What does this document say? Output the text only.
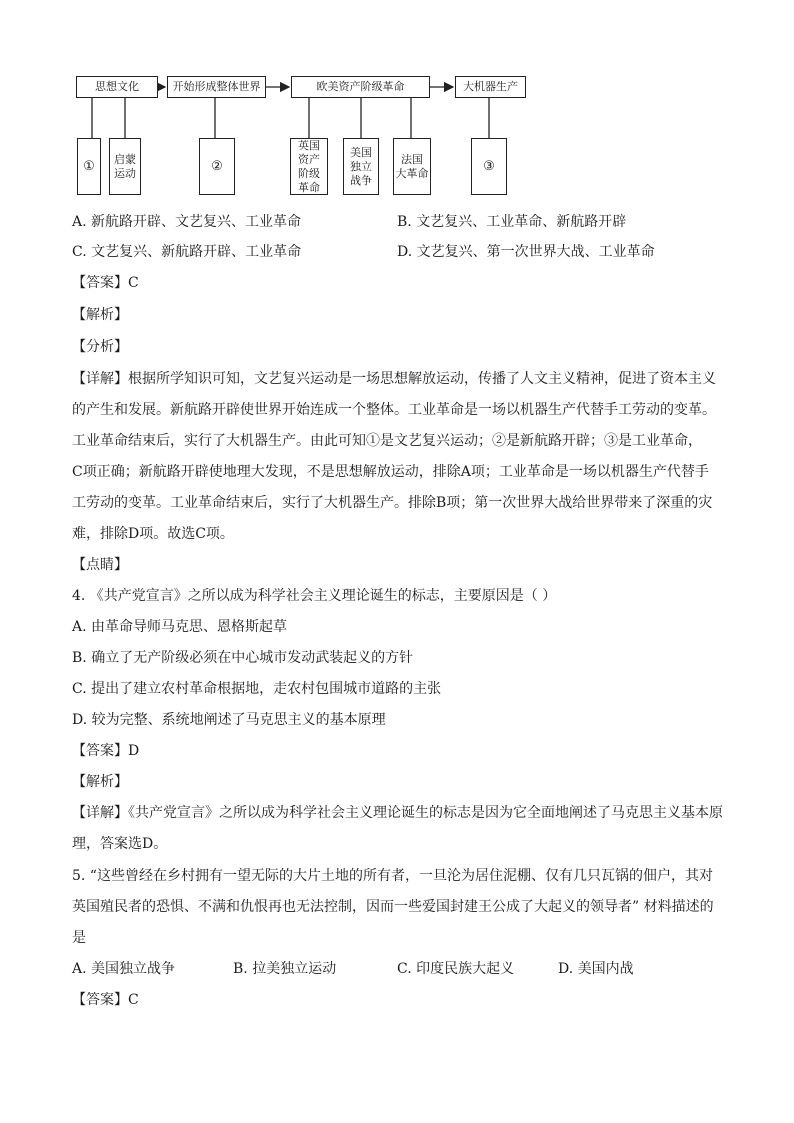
思想文化	开始形成整体世界	欧美资产阶级革命	大机器生产
① 启蒙
运动	②
英国
资产
阶级
革命
美国
独立
战争
法国
大革命	③
A. 新航路开辟、文艺复兴、工业革命	B. 文艺复兴、工业革命、新航路开辟
C. 文艺复兴、新航路开辟、工业革命	D. 文艺复兴、第一次世界大战、工业革命
【答案】C
【解析】
【分析】
【详解】根据所学知识可知，文艺复兴运动是一场思想解放运动，传播了人文主义精神，促进了资本主义
的产生和发展。新航路开辟使世界开始连成一个整体。工业革命是一场以机器生产代替手工劳动的变革。
工业革命结束后，实行了大机器生产。由此可知①是文艺复兴运动；②是新航路开辟；③是工业革命，
C项正确；新航路开辟使地理大发现，不是思想解放运动，排除A项；工业革命是一场以机器生产代替手
工劳动的变革。工业革命结束后，实行了大机器生产。排除B项；第一次世界大战给世界带来了深重的灾
难，排除D项。故选C项。
【点睛】
4. 《共产党宣言》之所以成为科学社会主义理论诞生的标志，主要原因是（ ）
A. 由革命导师马克思、恩格斯起草
B. 确立了无产阶级必须在中心城市发动武装起义的方针
C. 提出了建立农村革命根据地，走农村包围城市道路的主张
D. 较为完整、系统地阐述了马克思主义的基本原理
【答案】D
【解析】
【详解】《共产党宣言》之所以成为科学社会主义理论诞生的标志是因为它全面地阐述了马克思主义基本原
理，答案选D。
5. “这些曾经在乡村拥有一望无际的大片土地的所有者，一旦沦为居住泥棚、仅有几只瓦锅的佃户，其对
英国殖民者的恐惧、不满和仇恨再也无法控制，因而一些爱国封建王公成了大起义的领导者” 材料描述的
是
A. 美国独立战争	B. 拉美独立运动	C. 印度民族大起义	D. 美国内战
【答案】C
